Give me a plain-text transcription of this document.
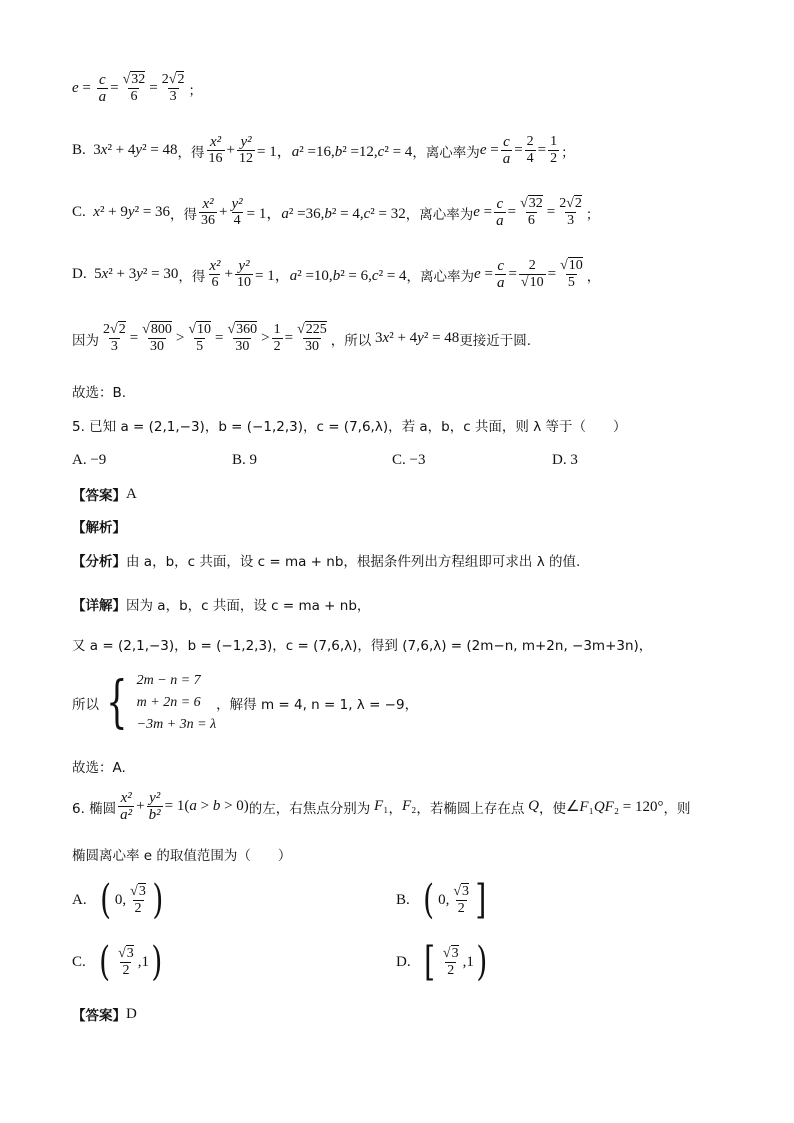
$e = \frac{c}{a} = \frac{√32}{6} = \frac{2√2}{3}$ ；
B. 3x² + 4y² = 48 ，得 $\frac{\text{x²}}{16} + \frac{\text{y²}}{12} = 1$，a² =16,b² =12,c² = 4 ，离心率为 $e = \frac{c}{a} = \frac{2}{4} = \frac{1}{2}$ ；
C. x² + 9y² = 36 ，得 $\frac{\text{x²}}{36} + \frac{\text{y²}}{4} = 1$，a² =36,b² = 4,c² = 32 ，离心率为 $e = \frac{c}{a} = \frac{√32}{6} = \frac{2√2}{3}$ ；
D. 5x² + 3y² = 30 ，得 $\frac{\text{x²}}{6} + \frac{\text{y²}}{10} = 1$，a² =10,b² = 6,c² = 4 ，离心率为 $e = \frac{c}{a} = \frac{2}{√10} = \frac{√10}{5}$ ，
因为 $\frac{2√2}{3} = \frac{√800}{30} > \frac{√10}{5} = \frac{√360}{30} > \frac{1}{2} = \frac{√225}{30}$ ，所以 3x² + 4y² = 48 更接近于圆.
故选：B.
5. 已知 a = (2,1,−3)，b = (−1,2,3)，c = (7,6,λ)，若 a，b，c 共面，则 λ 等于（　　）
A. −9	B. 9	C. −3	D. 3
【答案】 A
【解析】
【分析】 由 a，b，c 共面，设 c = ma + nb，根据条件列出方程组即可求出 λ 的值.
【详解】 因为 a，b，c 共面，设 c = ma + nb，
又 a = (2,1,−3)，b = (−1,2,3)，c = (7,6,λ)，得到 (7,6,λ) = (2m−n, m+2n, −3m+3n)，
所以 { 2m − n = 7
m + 2n = 6
−3m + 3n = λ
，解得 m = 4, n = 1, λ = −9，
故选：A.
6. 椭圆 $\frac{\text{x²}}{\text{a²}} + \frac{\text{y²}}{\text{b²}} = 1(a > b > 0)$ 的左，右焦点分别为 F ₁ ， F ₂ ，若椭圆上存在点 Q ，使 ∠F₁QF₂ = 120° ，则
椭圆离心率 e 的取值范围为（　　）
A. ( 0, $\frac{√3}{2}$ )	B. ( 0, $\frac{√3}{2}$ ]
C. ( $\frac{√3}{2} ,1$ )	D. [ $\frac{√3}{2} ,1$ )
【答案】 D
